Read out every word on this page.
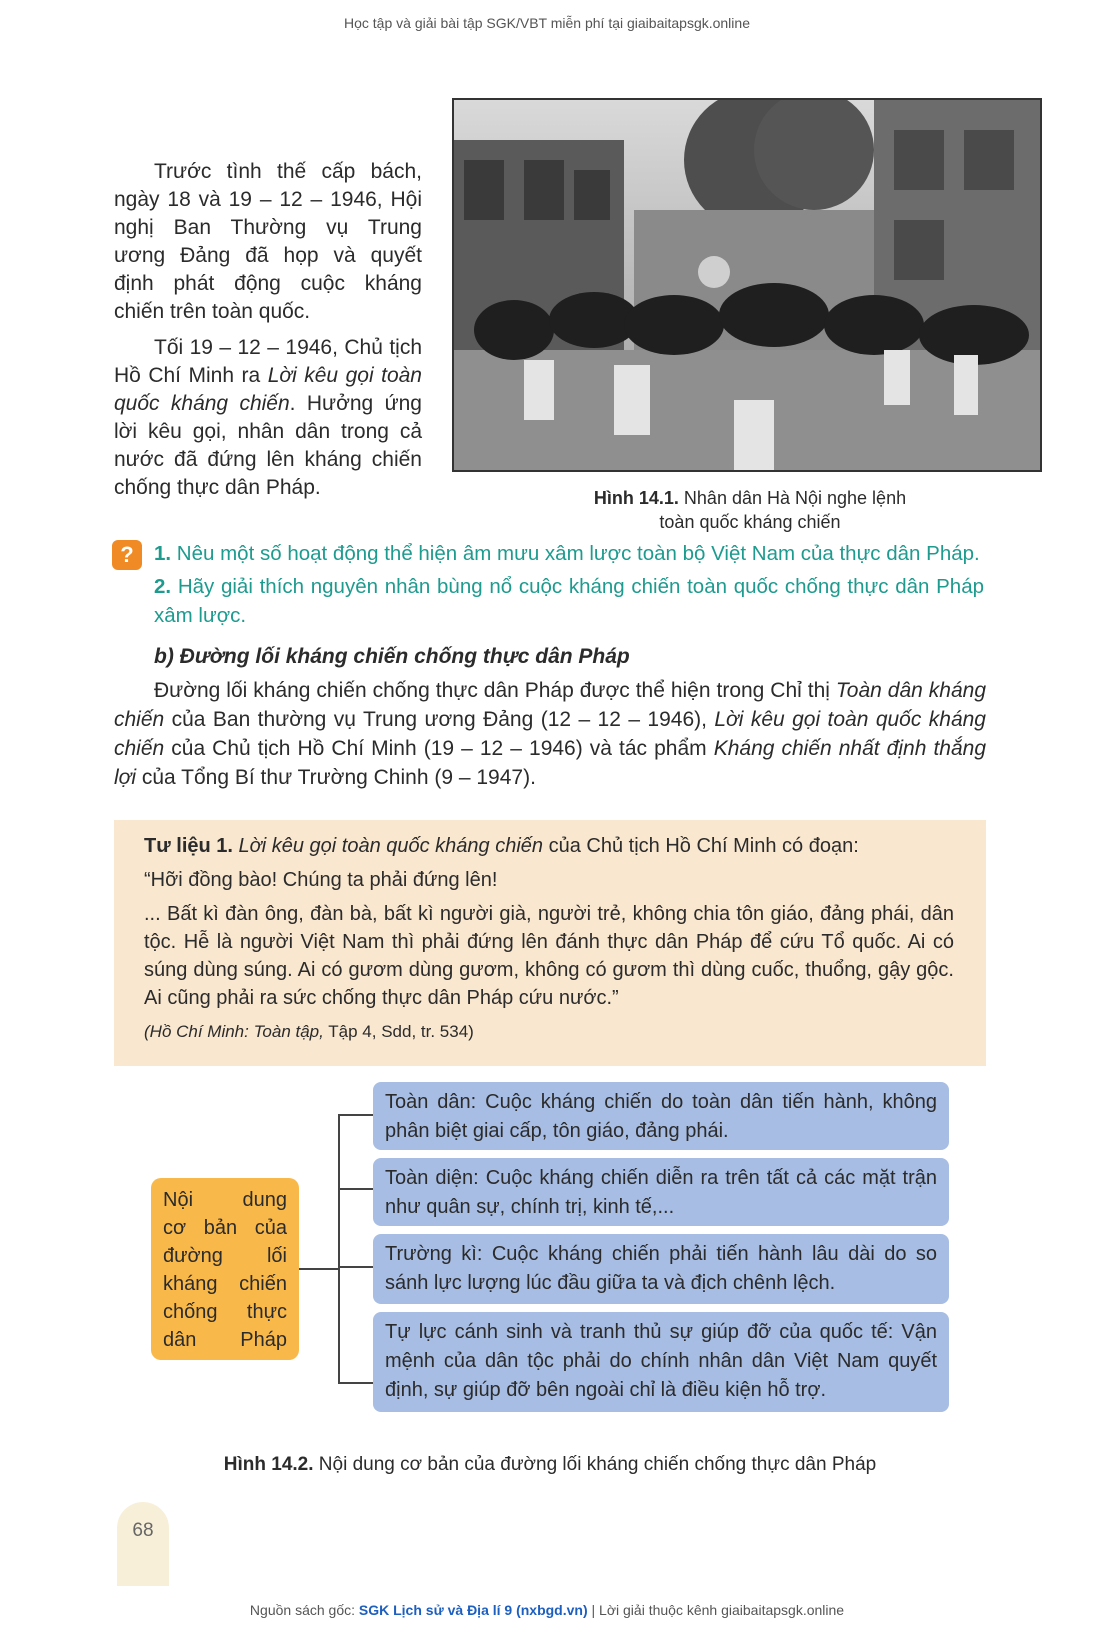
Học tập và giải bài tập SGK/VBT miễn phí tại giaibaitapsgk.online
Trước tình thế cấp bách, ngày 18 và 19 – 12 – 1946, Hội nghị Ban Thường vụ Trung ương Đảng đã họp và quyết định phát động cuộc kháng chiến trên toàn quốc.
Tối 19 – 12 – 1946, Chủ tịch Hồ Chí Minh ra Lời kêu gọi toàn quốc kháng chiến. Hưởng ứng lời kêu gọi, nhân dân trong cả nước đã đứng lên kháng chiến chống thực dân Pháp.	Hình 14.1. Nhân dân Hà Nội nghe lệnh
toàn quốc kháng chiến
? 1. Nêu một số hoạt động thể hiện âm mưu xâm lược toàn bộ Việt Nam của thực dân Pháp.
2. Hãy giải thích nguyên nhân bùng nổ cuộc kháng chiến toàn quốc chống thực dân Pháp xâm lược.
b) Đường lối kháng chiến chống thực dân Pháp
Đường lối kháng chiến chống thực dân Pháp được thể hiện trong Chỉ thị Toàn dân kháng chiến của Ban thường vụ Trung ương Đảng (12 – 12 – 1946), Lời kêu gọi toàn quốc kháng chiến của Chủ tịch Hồ Chí Minh (19 – 12 – 1946) và tác phẩm Kháng chiến nhất định thắng lợi của Tổng Bí thư Trường Chinh (9 – 1947).

Tư liệu 1. Lời kêu gọi toàn quốc kháng chiến của Chủ tịch Hồ Chí Minh có đoạn:

“Hỡi đồng bào! Chúng ta phải đứng lên!

... Bất kì đàn ông, đàn bà, bất kì người già, người trẻ, không chia tôn giáo, đảng phái, dân tộc. Hễ là người Việt Nam thì phải đứng lên đánh thực dân Pháp để cứu Tổ quốc. Ai có súng dùng súng. Ai có gươm dùng gươm, không có gươm thì dùng cuốc, thuổng, gậy gộc. Ai cũng phải ra sức chống thực dân Pháp cứu nước.”

(Hồ Chí Minh: Toàn tập, Tập 4, Sdd, tr. 534)

Nội dung
cơ bản của
đường lối
kháng chiến
chống thực
dân Pháp
Toàn dân: Cuộc kháng chiến do toàn dân tiến hành, không phân biệt giai cấp, tôn giáo, đảng phái.
Toàn diện: Cuộc kháng chiến diễn ra trên tất cả các mặt trận như quân sự, chính trị, kinh tế,...
Trường kì: Cuộc kháng chiến phải tiến hành lâu dài do so sánh lực lượng lúc đầu giữa ta và địch chênh lệch.
Tự lực cánh sinh và tranh thủ sự giúp đỡ của quốc tế: Vận mệnh của dân tộc phải do chính nhân dân Việt Nam quyết định, sự giúp đỡ bên ngoài chỉ là điều kiện hỗ trợ.
Hình 14.2. Nội dung cơ bản của đường lối kháng chiến chống thực dân Pháp
68
Nguồn sách gốc: SGK Lịch sử và Địa lí 9 (nxbgd.vn) | Lời giải thuộc kênh giaibaitapsgk.online
